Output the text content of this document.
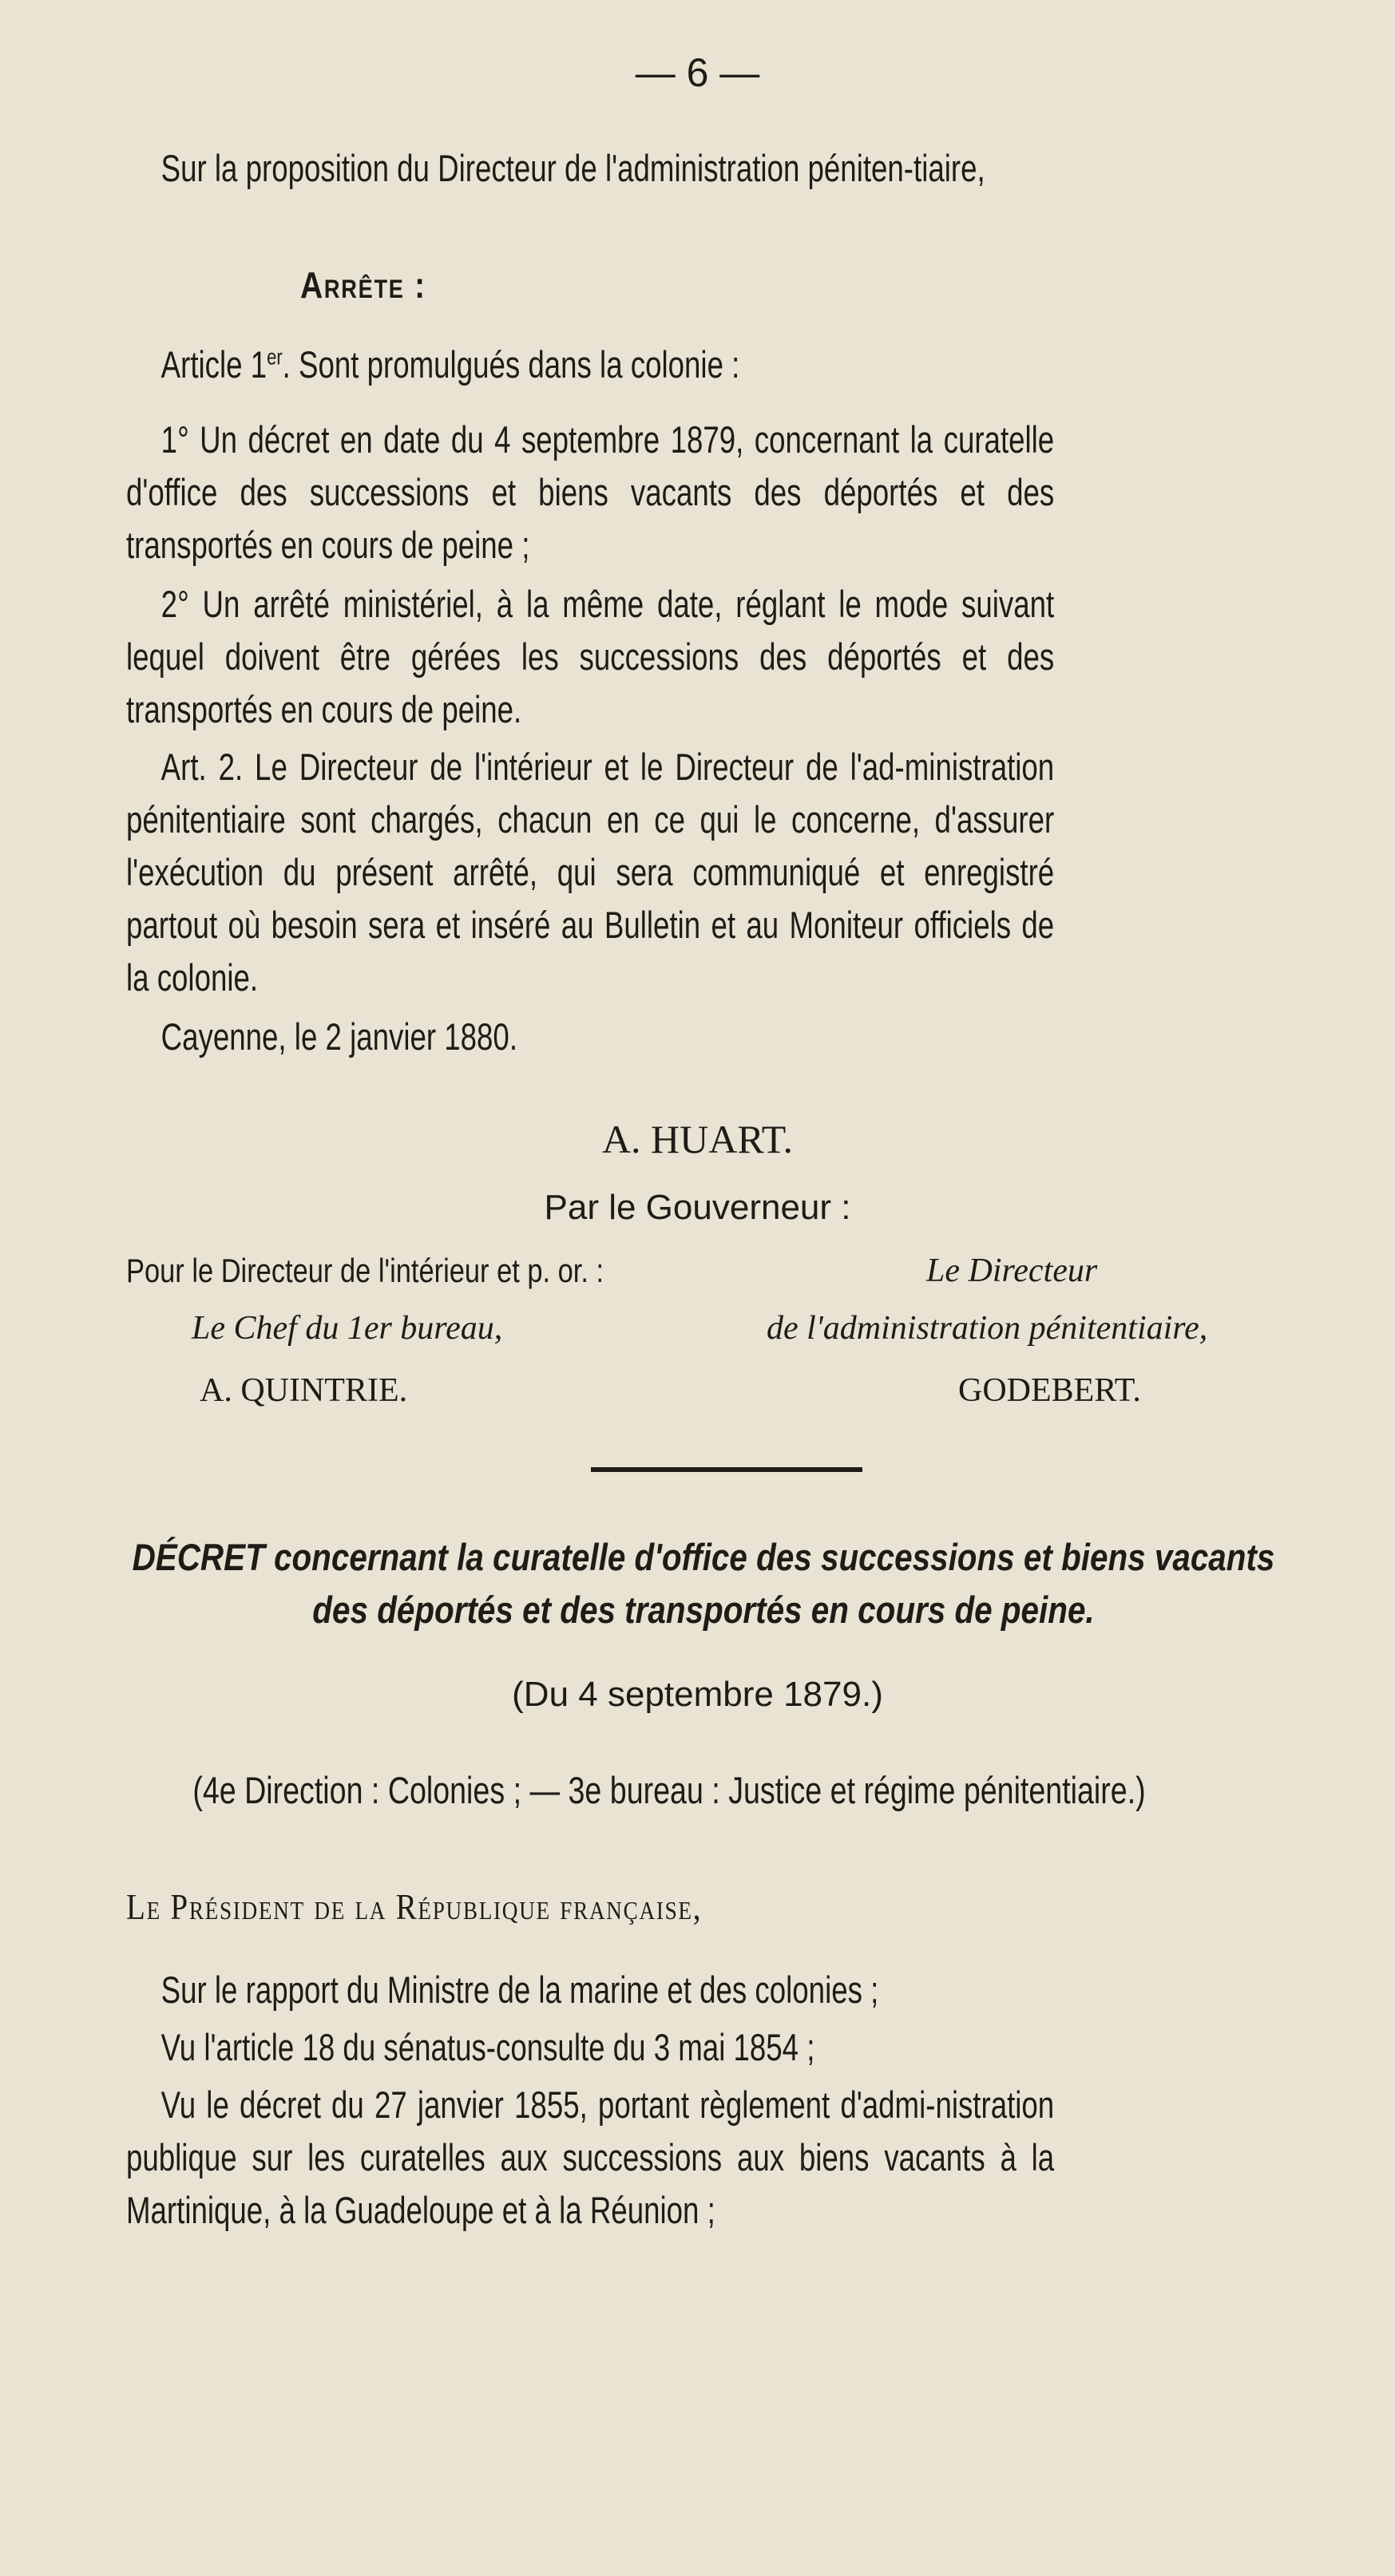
— 6 —
Sur la proposition du Directeur de l'administration péniten-tiaire,
Arrête :
Article 1er. Sont promulgués dans la colonie :
1° Un décret en date du 4 septembre 1879, concernant la curatelle d'office des successions et biens vacants des déportés et des transportés en cours de peine ;
2° Un arrêté ministériel, à la même date, réglant le mode suivant lequel doivent être gérées les successions des déportés et des transportés en cours de peine.
Art. 2. Le Directeur de l'intérieur et le Directeur de l'ad-ministration pénitentiaire sont chargés, chacun en ce qui le concerne, d'assurer l'exécution du présent arrêté, qui sera communiqué et enregistré partout où besoin sera et inséré au Bulletin et au Moniteur officiels de la colonie.
Cayenne, le 2 janvier 1880.
A. HUART.
Par le Gouverneur :
Pour le Directeur de l'intérieur et p. or. :	Le Directeur
Le Chef du 1er bureau,	de l'administration pénitentiaire,
A. QUINTRIE.	GODEBERT.
DÉCRET concernant la curatelle d'office des successions et biens vacants des déportés et des transportés en cours de peine.
(Du 4 septembre 1879.)
(4e Direction : Colonies ; — 3e bureau : Justice et régime pénitentiaire.)
Le Président de la République française,
Sur le rapport du Ministre de la marine et des colonies ;
Vu l'article 18 du sénatus-consulte du 3 mai 1854 ;
Vu le décret du 27 janvier 1855, portant règlement d'admi-nistration publique sur les curatelles aux successions aux biens vacants à la Martinique, à la Guadeloupe et à la Réunion ;
